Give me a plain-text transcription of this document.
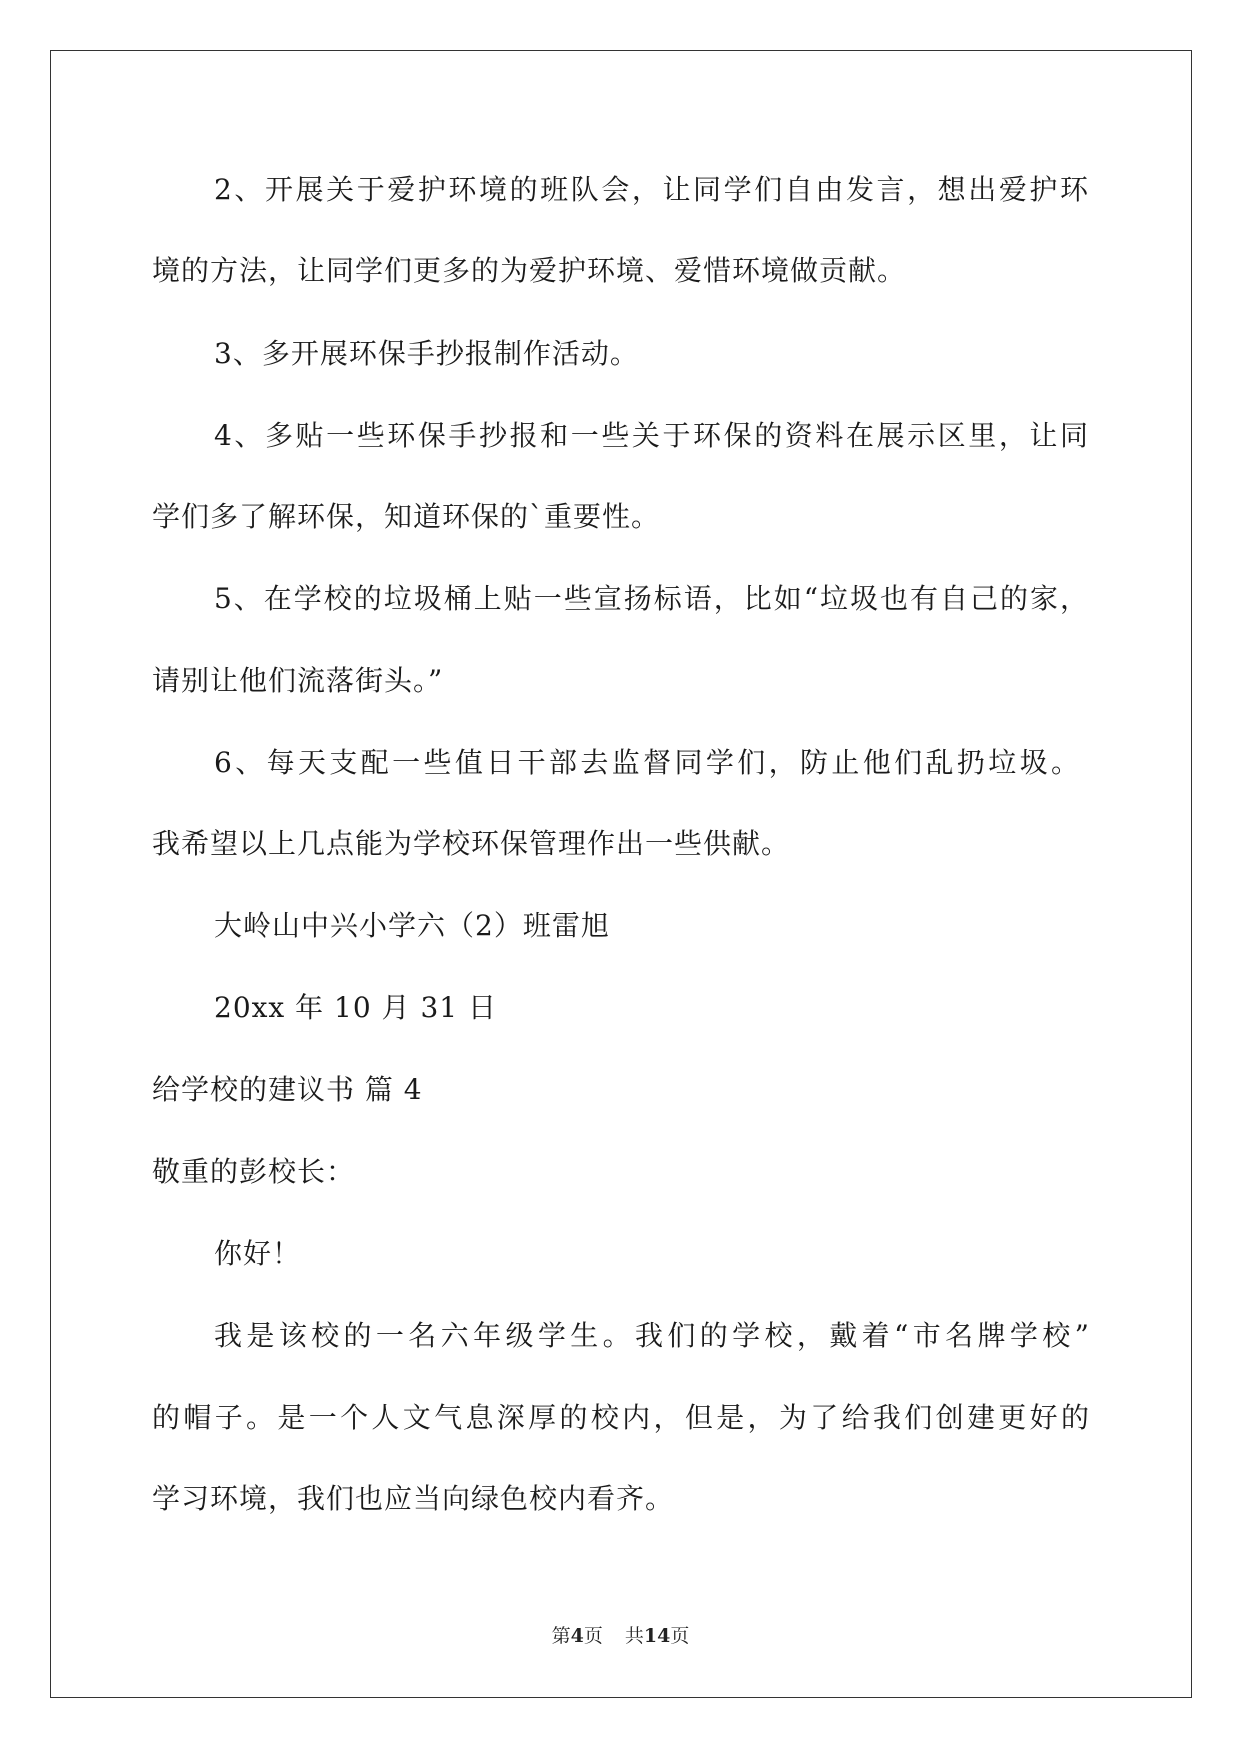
2、开展关于爱护环境的班队会，让同学们自由发言，想出爱护环
境的方法，让同学们更多的为爱护环境、爱惜环境做贡献。
3、多开展环保手抄报制作活动。
4、多贴一些环保手抄报和一些关于环保的资料在展示区里，让同
学们多了解环保，知道环保的`重要性。
5、在学校的垃圾桶上贴一些宣扬标语，比如“垃圾也有自己的家，
请别让他们流落街头。”
6、每天支配一些值日干部去监督同学们，防止他们乱扔垃圾。
我希望以上几点能为学校环保管理作出一些供献。
大岭山中兴小学六（2）班雷旭
20xx 年 10 月 31 日
给学校的建议书 篇 4
敬重的彭校长：
你好！
我是该校的一名六年级学生。我们的学校，戴着“市名牌学校”
的帽子。是一个人文气息深厚的校内，但是，为了给我们创建更好的
学习环境，我们也应当向绿色校内看齐。
第4页 共14页
